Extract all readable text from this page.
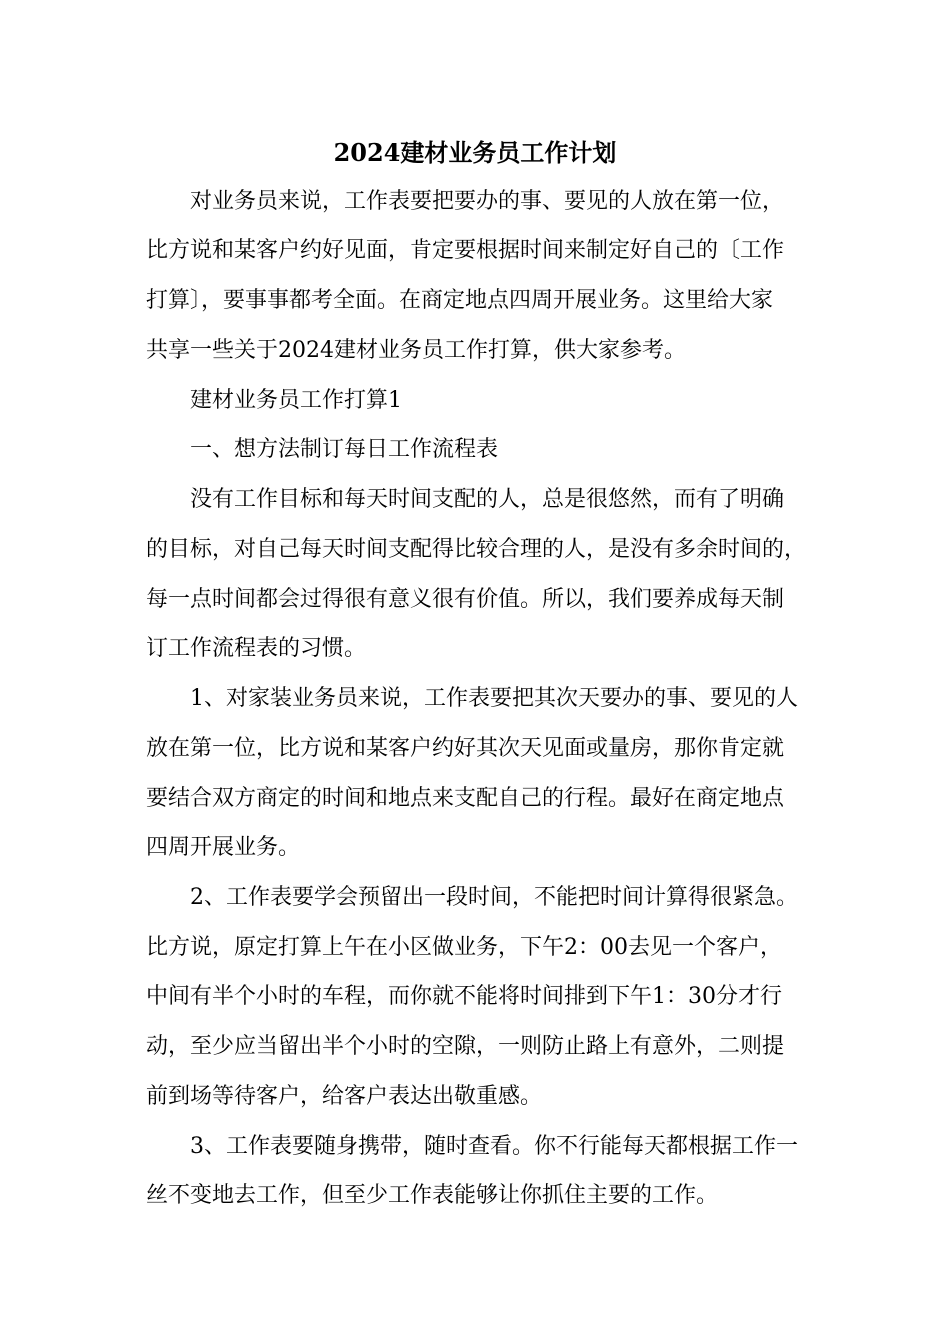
2024建材业务员工作计划
对业务员来说，工作表要把要办的事、要见的人放在第一位，
比方说和某客户约好见面，肯定要根据时间来制定好自己的〔工作
打算〕，要事事都考全面。在商定地点四周开展业务。这里给大家
共享一些关于2024建材业务员工作打算，供大家参考。
建材业务员工作打算1
一、想方法制订每日工作流程表
没有工作目标和每天时间支配的人，总是很悠然，而有了明确
的目标，对自己每天时间支配得比较合理的人，是没有多余时间的，
每一点时间都会过得很有意义很有价值。所以，我们要养成每天制
订工作流程表的习惯。
1、对家装业务员来说，工作表要把其次天要办的事、要见的人
放在第一位，比方说和某客户约好其次天见面或量房，那你肯定就
要结合双方商定的时间和地点来支配自己的行程。最好在商定地点
四周开展业务。
2、工作表要学会预留出一段时间，不能把时间计算得很紧急。
比方说，原定打算上午在小区做业务，下午2：00去见一个客户，
中间有半个小时的车程，而你就不能将时间排到下午1：30分才行
动，至少应当留出半个小时的空隙，一则防止路上有意外，二则提
前到场等待客户，给客户表达出敬重感。
3、工作表要随身携带，随时查看。你不行能每天都根据工作一
丝不变地去工作，但至少工作表能够让你抓住主要的工作。
